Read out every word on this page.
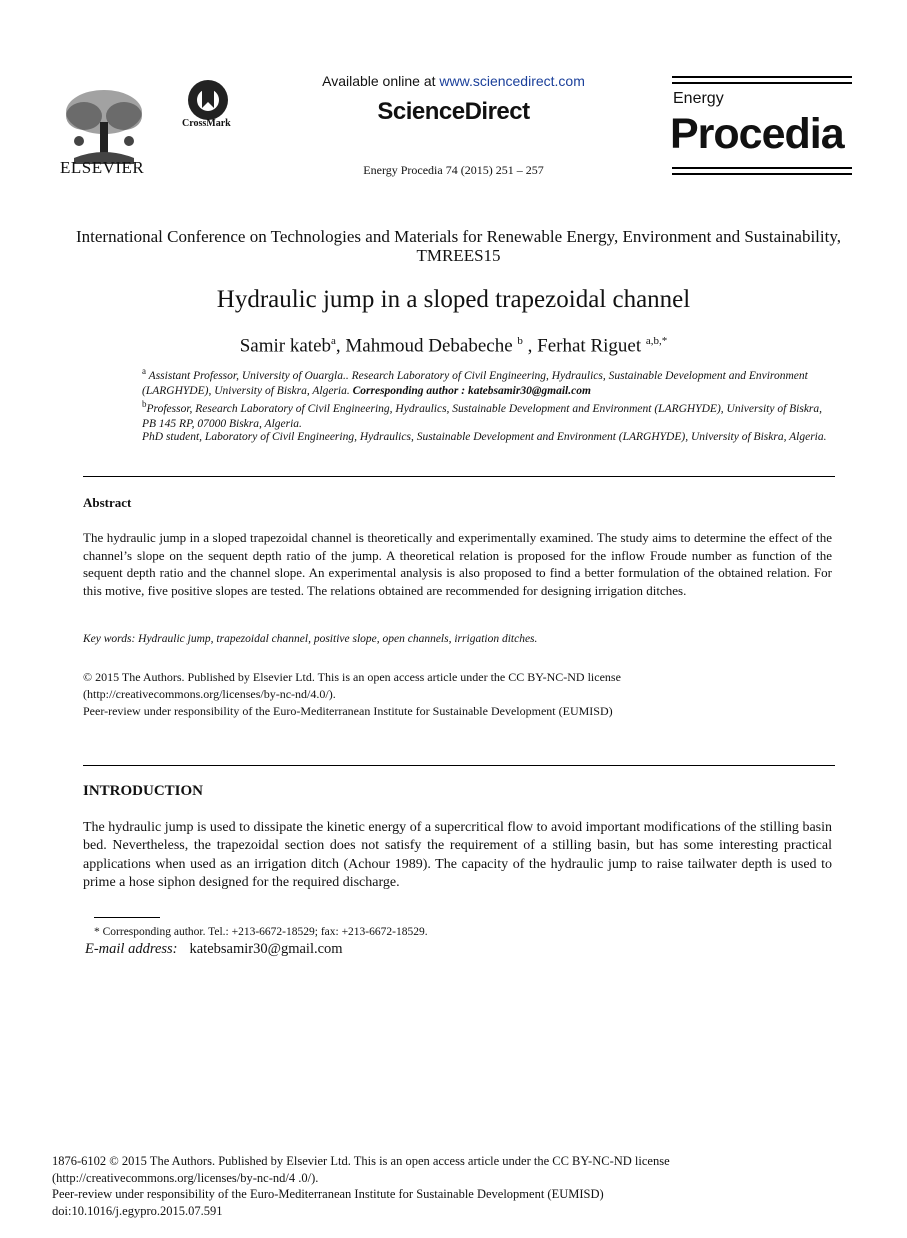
ELSEVIER
CrossMark
Available online at www.sciencedirect.com
ScienceDirect
Energy Procedia 74 (2015) 251 – 257
Energy
Procedia
International Conference on Technologies and Materials for Renewable Energy, Environment and Sustainability, TMREES15
Hydraulic jump in a sloped trapezoidal channel
Samir kateb$^a$, Mahmoud Debabeche $^b$ , Ferhat Riguet $^{a,b,*}$
$^a$ Assistant Professor, University of Ouargla.. Research Laboratory of Civil Engineering, Hydraulics, Sustainable Development and Environment (LARGHYDE), University of Biskra, Algeria. Corresponding author : katebsamir30@gmail.com
$^b$Professor, Research Laboratory of Civil Engineering, Hydraulics, Sustainable Development and Environment (LARGHYDE), University of Biskra, PB 145 RP, 07000 Biskra, Algeria.
PhD student, Laboratory of Civil Engineering, Hydraulics, Sustainable Development and Environment (LARGHYDE), University of Biskra, Algeria.
Abstract
The hydraulic jump in a sloped trapezoidal channel is theoretically and experimentally examined. The study aims to determine the effect of the channel’s slope on the sequent depth ratio of the jump. A theoretical relation is proposed for the inflow Froude number as function of the sequent depth ratio and the channel slope. An experimental analysis is also proposed to find a better formulation of the obtained relation. For this motive, five positive slopes are tested. The relations obtained are recommended for designing irrigation ditches.
Key words: Hydraulic jump, trapezoidal channel, positive slope, open channels, irrigation ditches.
© 2015 The Authors. Published by Elsevier Ltd. This is an open access article under the CC BY-NC-ND license
(http://creativecommons.org/licenses/by-nc-nd/4.0/).
Peer-review under responsibility of the Euro-Mediterranean Institute for Sustainable Development (EUMISD)
INTRODUCTION
The hydraulic jump is used to dissipate the kinetic energy of a supercritical flow to avoid important modifications of the stilling basin bed. Nevertheless, the trapezoidal section does not satisfy the requirement of a stilling basin, but has some interesting practical applications when used as an irrigation ditch (Achour 1989). The capacity of the hydraulic jump to raise tailwater depth is used to prime a hose siphon designed for the required discharge.
* Corresponding author. Tel.: +213-6672-18529; fax: +213-6672-18529.
E-mail address: katebsamir30@gmail.com
1876-6102 © 2015 The Authors. Published by Elsevier Ltd. This is an open access article under the CC BY-NC-ND license
(http://creativecommons.org/licenses/by-nc-nd/4 .0/).
Peer-review under responsibility of the Euro-Mediterranean Institute for Sustainable Development (EUMISD)
doi:10.1016/j.egypro.2015.07.591
